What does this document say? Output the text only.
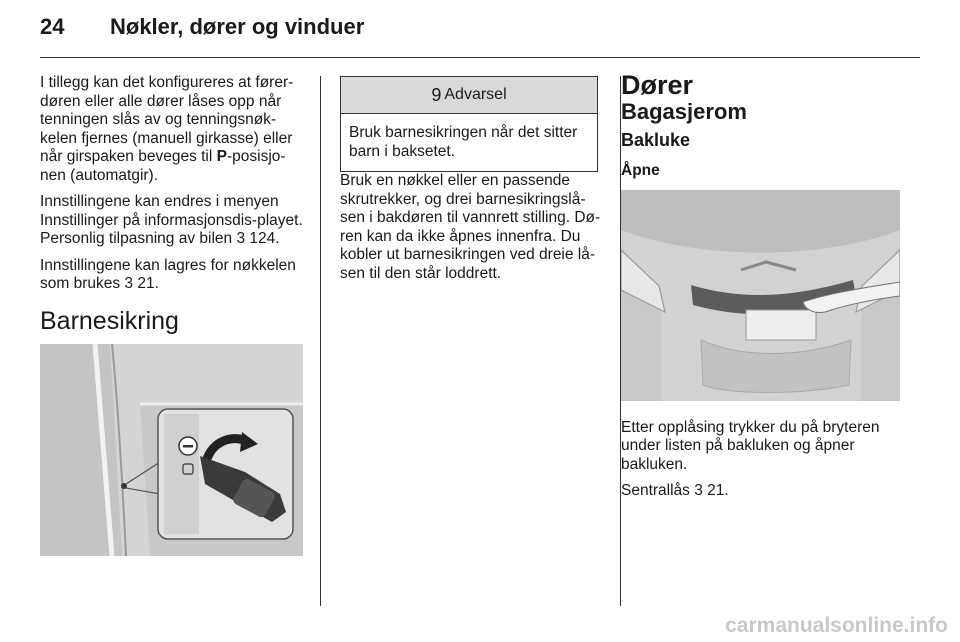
24 Nøkler, dører og vinduer

I tillegg kan det konfigureres at fører-døren eller alle dører låses opp når tenningen slås av og tenningsnøk-kelen fjernes (manuell girkasse) eller når girspaken beveges til P-posisjo-nen (automatgir).

Innstillingene kan endres i menyen Innstillinger på informasjonsdis-playet. Personlig tilpasning av bilen 3 124.

Innstillingene kan lagres for nøkkelen som brukes 3 21.

Barnesikring
9 Advarsel
Bruk barnesikringen når det sitter barn i baksetet.

Bruk en nøkkel eller en passende skrutrekker, og drei barnesikringslå-sen i bakdøren til vannrett stilling. Dø-ren kan da ikke åpnes innenfra. Du kobler ut barnesikringen ved dreie lå-sen til den står loddrett.

Dører
Bagasjerom
Bakluke
Åpne

Etter opplåsing trykker du på bryteren under listen på bakluken og åpner bakluken.

Sentrallås 3 21.

carmanualsonline.info
